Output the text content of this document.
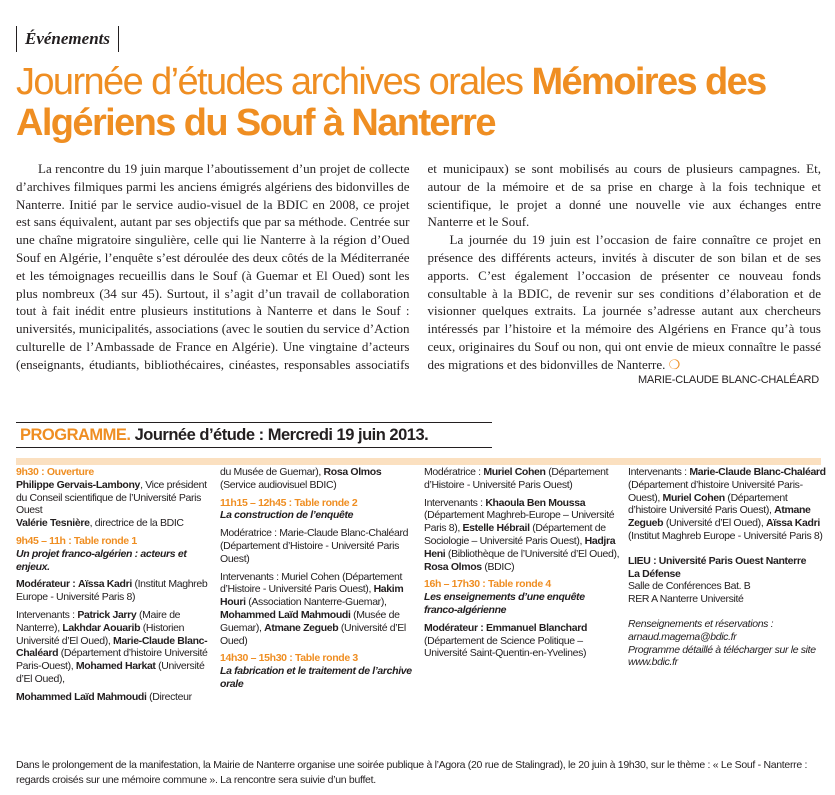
Événements
Journée d’études archives orales Mémoires des Algériens du Souf à Nanterre

La rencontre du 19 juin marque l’aboutissement d’un projet de collecte d’archives filmiques parmi les anciens émigrés algériens des bidonvilles de Nanterre. Initié par le service audio-visuel de la BDIC en 2008, ce projet est sans équivalent, autant par ses objectifs que par sa méthode. Centrée sur une chaîne migratoire singulière, celle qui lie Nanterre à la région d’Oued Souf en Algérie, l’enquête s’est déroulée des deux côtés de la Méditerranée et les témoignages recueillis dans le Souf (à Guemar et El Oued) sont les plus nombreux (34 sur 45). Surtout, il s’agit d’un travail de collaboration tout à fait inédit entre plusieurs institutions à Nanterre et dans le Souf : universités, municipalités, associations (avec le soutien du service d’Action culturelle de l’Ambassade de France en Algérie). Une vingtaine d’acteurs (enseignants, étudiants, bibliothécaires, cinéastes, responsables associatifs et municipaux) se sont mobilisés au cours de plusieurs campagnes. Et, autour de la mémoire et de sa prise en charge à la fois technique et scientifique, le projet a donné une nouvelle vie aux échanges entre Nanterre et le Souf.

La journée du 19 juin est l’occasion de faire connaître ce projet en présence des différents acteurs, invités à discuter de son bilan et de ses apports. C’est également l’occasion de présenter ce nouveau fonds consultable à la BDIC, de revenir sur ses conditions d’élaboration et de visionner quelques extraits. La journée s’adresse autant aux chercheurs intéressés par l’histoire et la mémoire des Algériens en France qu’à tous ceux, originaires du Souf ou non, qui ont envie de mieux connaître le passé des migrations et des bidonvilles de Nanterre. ❍

MARIE-CLAUDE BLANC-CHALÉARD
PROGRAMME. Journée d’étude : Mercredi 19 juin 2013.

9h30 : Ouverture
Philippe Gervais-Lambony, Vice président du Conseil scientifique de l’Université Paris Ouest
Valérie Tesnière, directrice de la BDIC

9h45 – 11h : Table ronde 1
Un projet franco-algérien : acteurs et enjeux.

Modérateur : Aïssa Kadri (Institut Maghreb Europe - Université Paris 8)

Intervenants : Patrick Jarry (Maire de Nanterre), Lakhdar Aouarib (Historien Université d’El Oued), Marie-Claude Blanc-Chaléard (Département d’histoire Université Paris-Ouest), Mohamed Harkat (Université d’El Oued),

Mohammed Laïd Mahmoudi (Directeur

du Musée de Guemar), Rosa Olmos (Service audiovisuel BDIC)

11h15 – 12h45 : Table ronde 2
La construction de l’enquête

Modératrice : Marie-Claude Blanc-Chaléard (Département d’Histoire - Université Paris Ouest)

Intervenants : Muriel Cohen (Département d’Histoire - Université Paris Ouest), Hakim Houri (Association Nanterre-Guemar), Mohammed Laïd Mahmoudi (Musée de Guemar), Atmane Zegueb (Université d’El Oued)

14h30 – 15h30 : Table ronde 3
La fabrication et le traitement de l’archive orale

Modératrice : Muriel Cohen (Département d’Histoire - Université Paris Ouest)

Intervenants : Khaoula Ben Moussa (Département Maghreb-Europe – Université Paris 8), Estelle Hébrail (Département de Sociologie – Université Paris Ouest), Hadjra Heni (Bibliothèque de l’Université d’El Oued), Rosa Olmos (BDIC)

16h – 17h30 : Table ronde 4
Les enseignements d’une enquête franco-algérienne

Modérateur : Emmanuel Blanchard (Département de Science Politique – Université Saint-Quentin-en-Yvelines)

Intervenants : Marie-Claude Blanc-Chaléard (Département d’histoire Université Paris-Ouest), Muriel Cohen (Département d’histoire Université Paris Ouest), Atmane Zegueb (Université d’El Oued), Aïssa Kadri (Institut Maghreb Europe - Université Paris 8)

LIEU : Université Paris Ouest Nanterre
La Défense
Salle de Conférences Bat. B
RER A Nanterre Université

Renseignements et réservations :
arnaud.magema@bdic.fr
Programme détaillé à télécharger sur le site
www.bdic.fr

Dans le prolongement de la manifestation, la Mairie de Nanterre organise une soirée publique à l’Agora (20 rue de Stalingrad), le 20 juin à 19h30, sur le thème : « Le Souf - Nanterre : regards croisés sur une mémoire commune ». La rencontre sera suivie d’un buffet.
